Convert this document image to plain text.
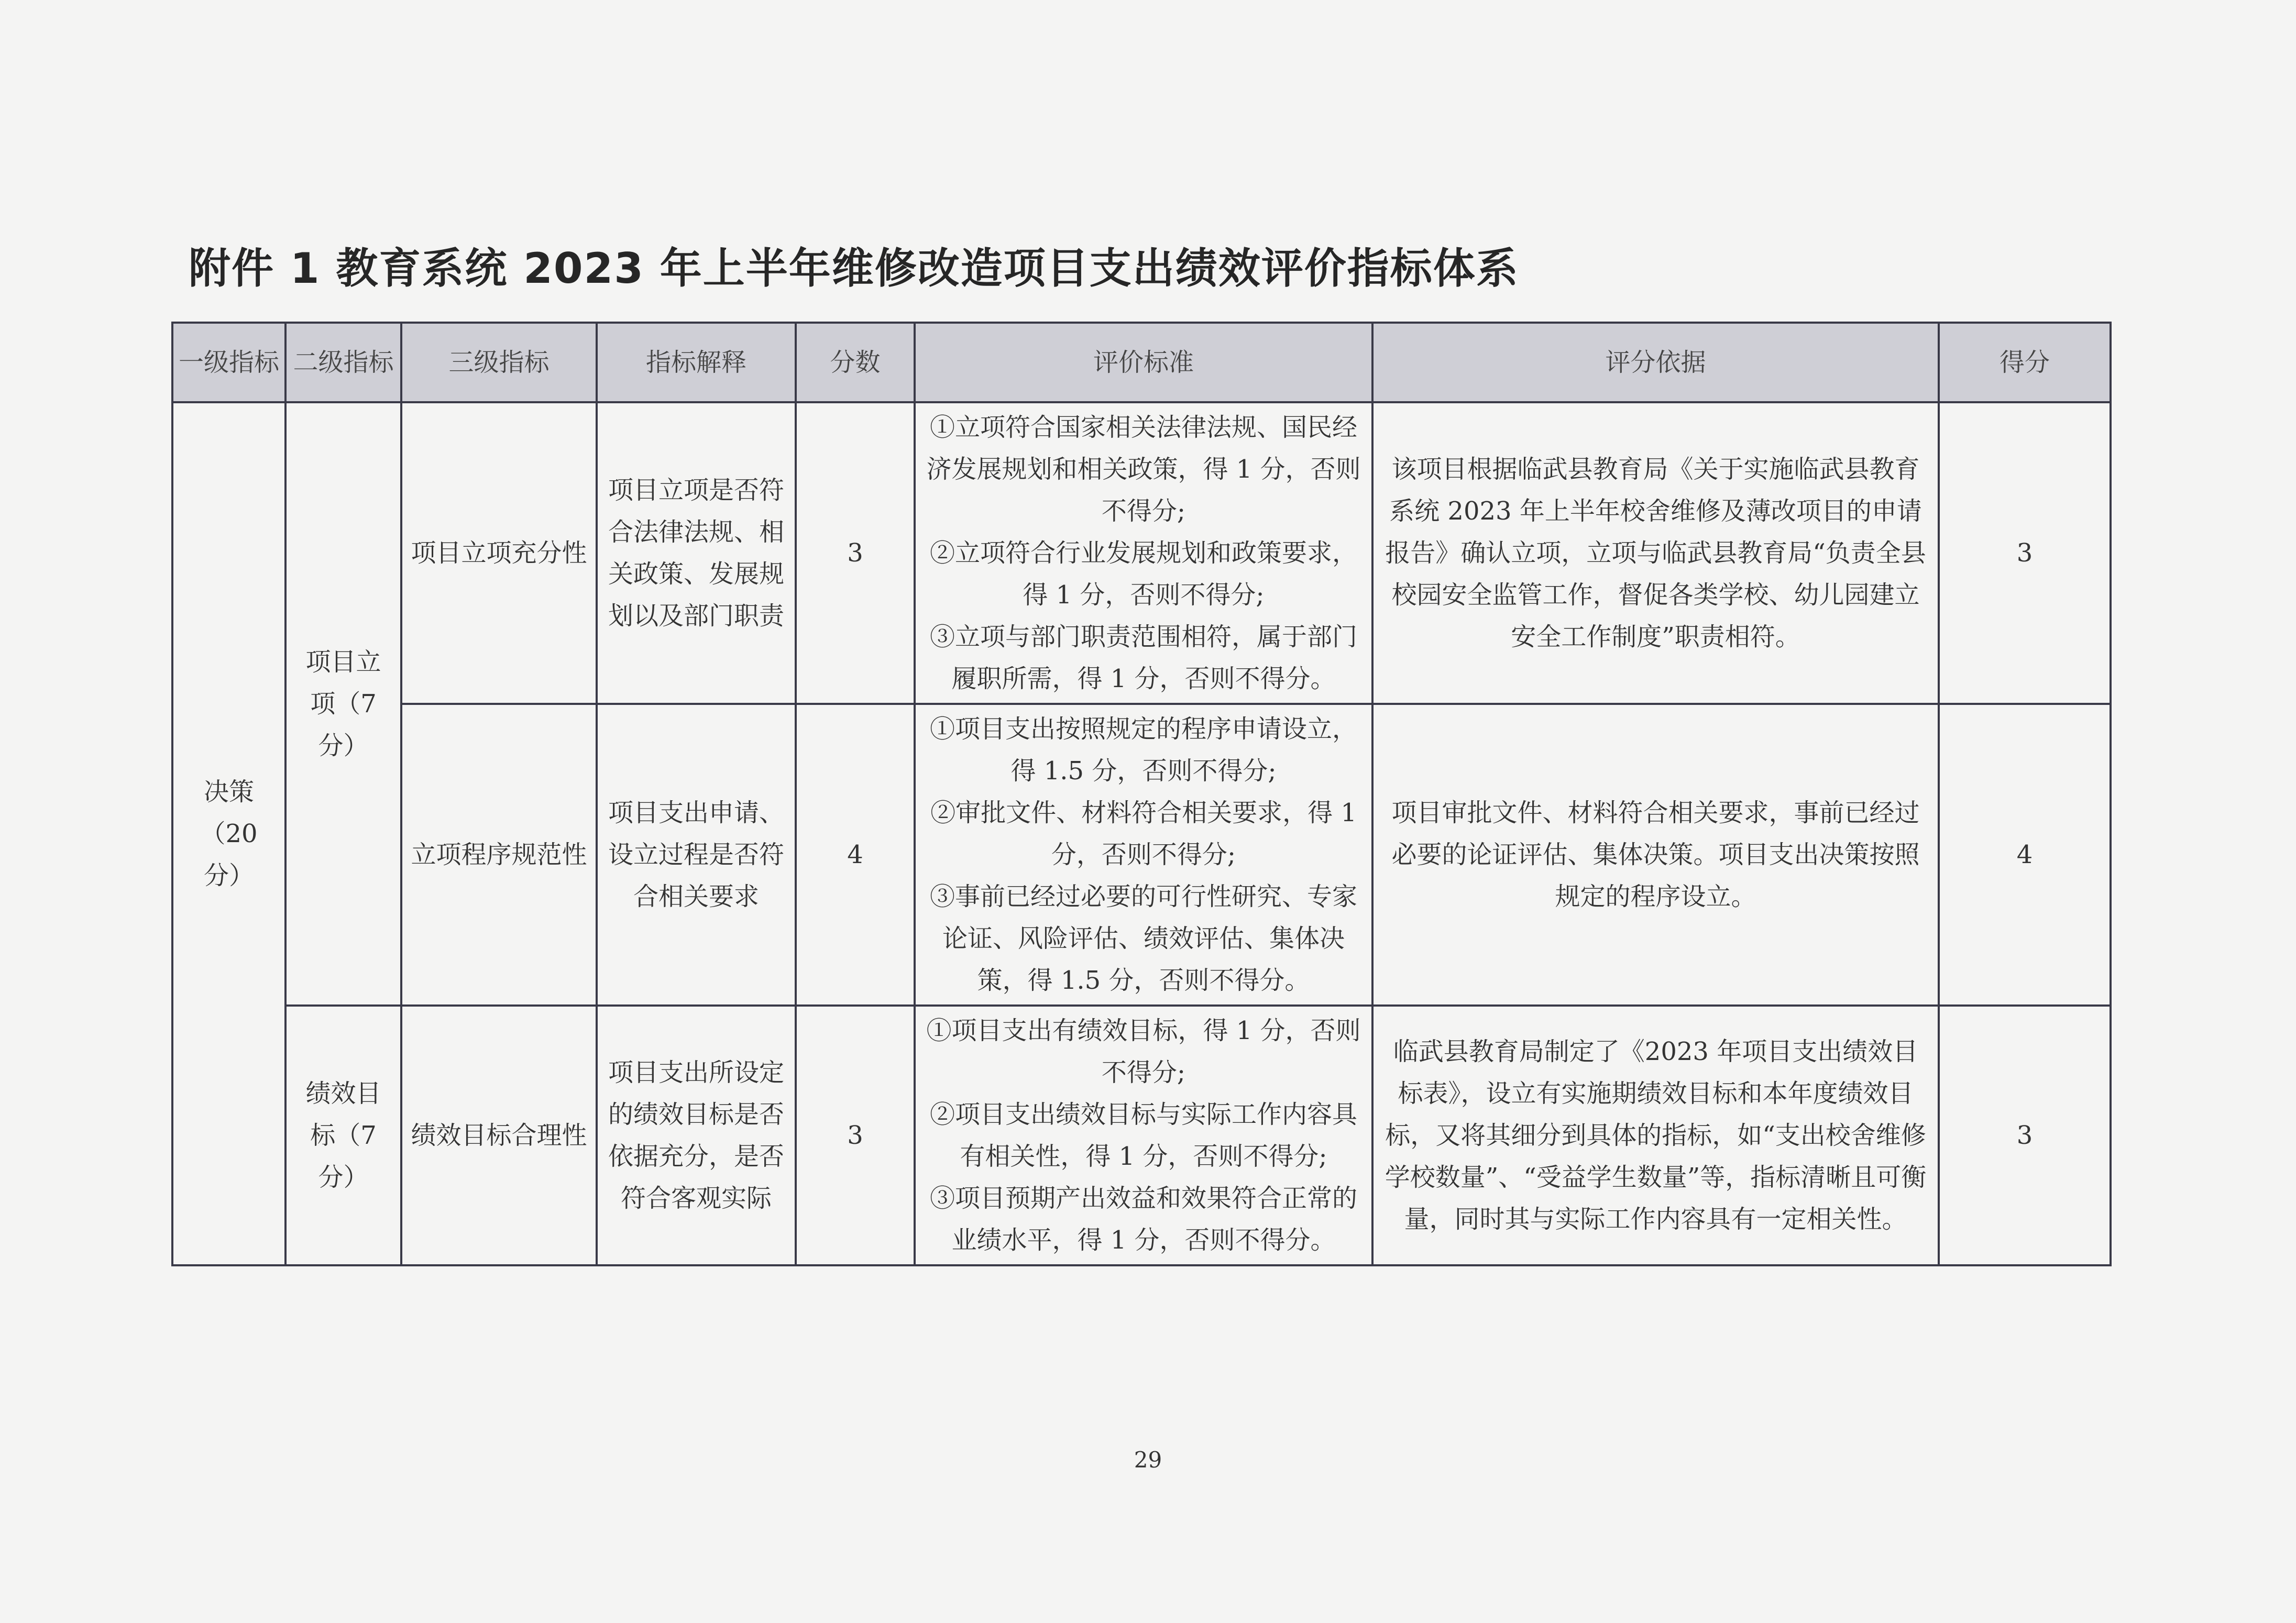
附件 1 教育系统 2023 年上半年维修改造项目支出绩效评价指标体系
一级指标	二级指标	三级指标	指标解释	分数	评价标准	评分依据	得分
决策（20分）	项目立项（7分）	项目立项充分性	项目立项是否符合法律法规、相关政策、发展规划以及部门职责	3	①立项符合国家相关法律法规、国民经济发展规划和相关政策，得 1 分，否则不得分;
②立项符合行业发展规划和政策要求，得 1 分，否则不得分;
③立项与部门职责范围相符，属于部门履职所需，得 1 分，否则不得分。	该项目根据临武县教育局《关于实施临武县教育系统 2023 年上半年校舍维修及薄改项目的申请报告》确认立项，立项与临武县教育局“负责全县校园安全监管工作，督促各类学校、幼儿园建立安全工作制度”职责相符。	3
		立项程序规范性	项目支出申请、设立过程是否符合相关要求	4	①项目支出按照规定的程序申请设立，得 1.5 分，否则不得分;
②审批文件、材料符合相关要求，得 1 分，否则不得分;
③事前已经过必要的可行性研究、专家论证、风险评估、绩效评估、集体决策，得 1.5 分，否则不得分。	项目审批文件、材料符合相关要求，事前已经过必要的论证评估、集体决策。项目支出决策按照规定的程序设立。	4
	绩效目标（7分）	绩效目标合理性	项目支出所设定的绩效目标是否依据充分，是否符合客观实际	3	①项目支出有绩效目标，得 1 分，否则不得分;
②项目支出绩效目标与实际工作内容具有相关性，得 1 分，否则不得分;
③项目预期产出效益和效果符合正常的业绩水平，得 1 分，否则不得分。	临武县教育局制定了《2023 年项目支出绩效目标表》，设立有实施期绩效目标和本年度绩效目标，又将其细分到具体的指标，如“支出校舍维修学校数量”、“受益学生数量”等，指标清晰且可衡量，同时其与实际工作内容具有一定相关性。	3
29
